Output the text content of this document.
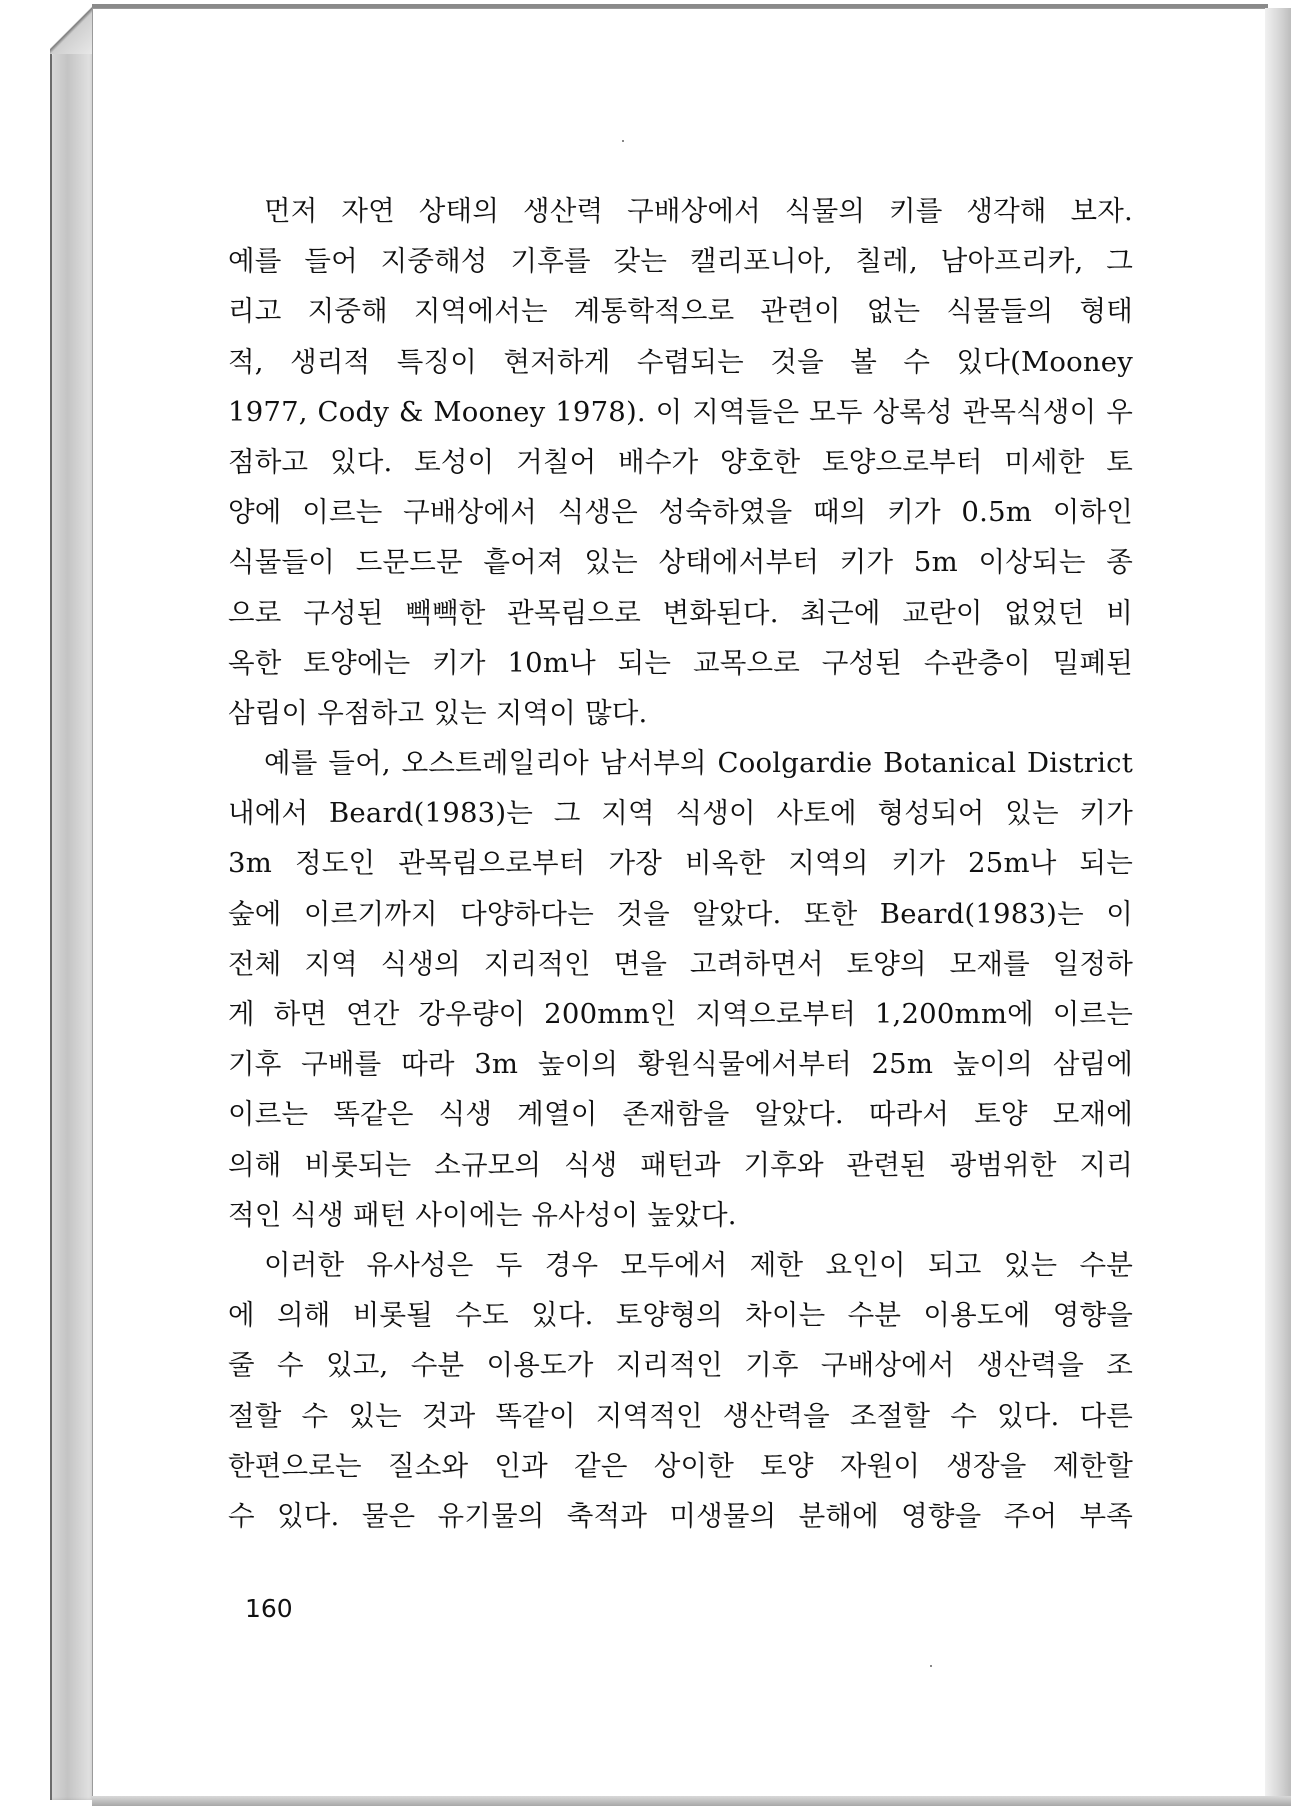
먼저 자연 상태의 생산력 구배상에서 식물의 키를 생각해 보자.
예를 들어 지중해성 기후를 갖는 캘리포니아, 칠레, 남아프리카, 그
리고 지중해 지역에서는 계통학적으로 관련이 없는 식물들의 형태
적, 생리적 특징이 현저하게 수렴되는 것을 볼 수 있다(Mooney
1977, Cody & Mooney 1978). 이 지역들은 모두 상록성 관목식생이 우
점하고 있다. 토성이 거칠어 배수가 양호한 토양으로부터 미세한 토
양에 이르는 구배상에서 식생은 성숙하였을 때의 키가 0.5m 이하인
식물들이 드문드문 흩어져 있는 상태에서부터 키가 5m 이상되는 종
으로 구성된 빽빽한 관목림으로 변화된다. 최근에 교란이 없었던 비
옥한 토양에는 키가 10m나 되는 교목으로 구성된 수관층이 밀폐된
삼림이 우점하고 있는 지역이 많다.
예를 들어, 오스트레일리아 남서부의 Coolgardie Botanical District
내에서 Beard(1983)는 그 지역 식생이 사토에 형성되어 있는 키가
3m 정도인 관목림으로부터 가장 비옥한 지역의 키가 25m나 되는
숲에 이르기까지 다양하다는 것을 알았다. 또한 Beard(1983)는 이
전체 지역 식생의 지리적인 면을 고려하면서 토양의 모재를 일정하
게 하면 연간 강우량이 200mm인 지역으로부터 1,200mm에 이르는
기후 구배를 따라 3m 높이의 황원식물에서부터 25m 높이의 삼림에
이르는 똑같은 식생 계열이 존재함을 알았다. 따라서 토양 모재에
의해 비롯되는 소규모의 식생 패턴과 기후와 관련된 광범위한 지리
적인 식생 패턴 사이에는 유사성이 높았다.
이러한 유사성은 두 경우 모두에서 제한 요인이 되고 있는 수분
에 의해 비롯될 수도 있다. 토양형의 차이는 수분 이용도에 영향을
줄 수 있고, 수분 이용도가 지리적인 기후 구배상에서 생산력을 조
절할 수 있는 것과 똑같이 지역적인 생산력을 조절할 수 있다. 다른
한편으로는 질소와 인과 같은 상이한 토양 자원이 생장을 제한할
수 있다. 물은 유기물의 축적과 미생물의 분해에 영향을 주어 부족
160
